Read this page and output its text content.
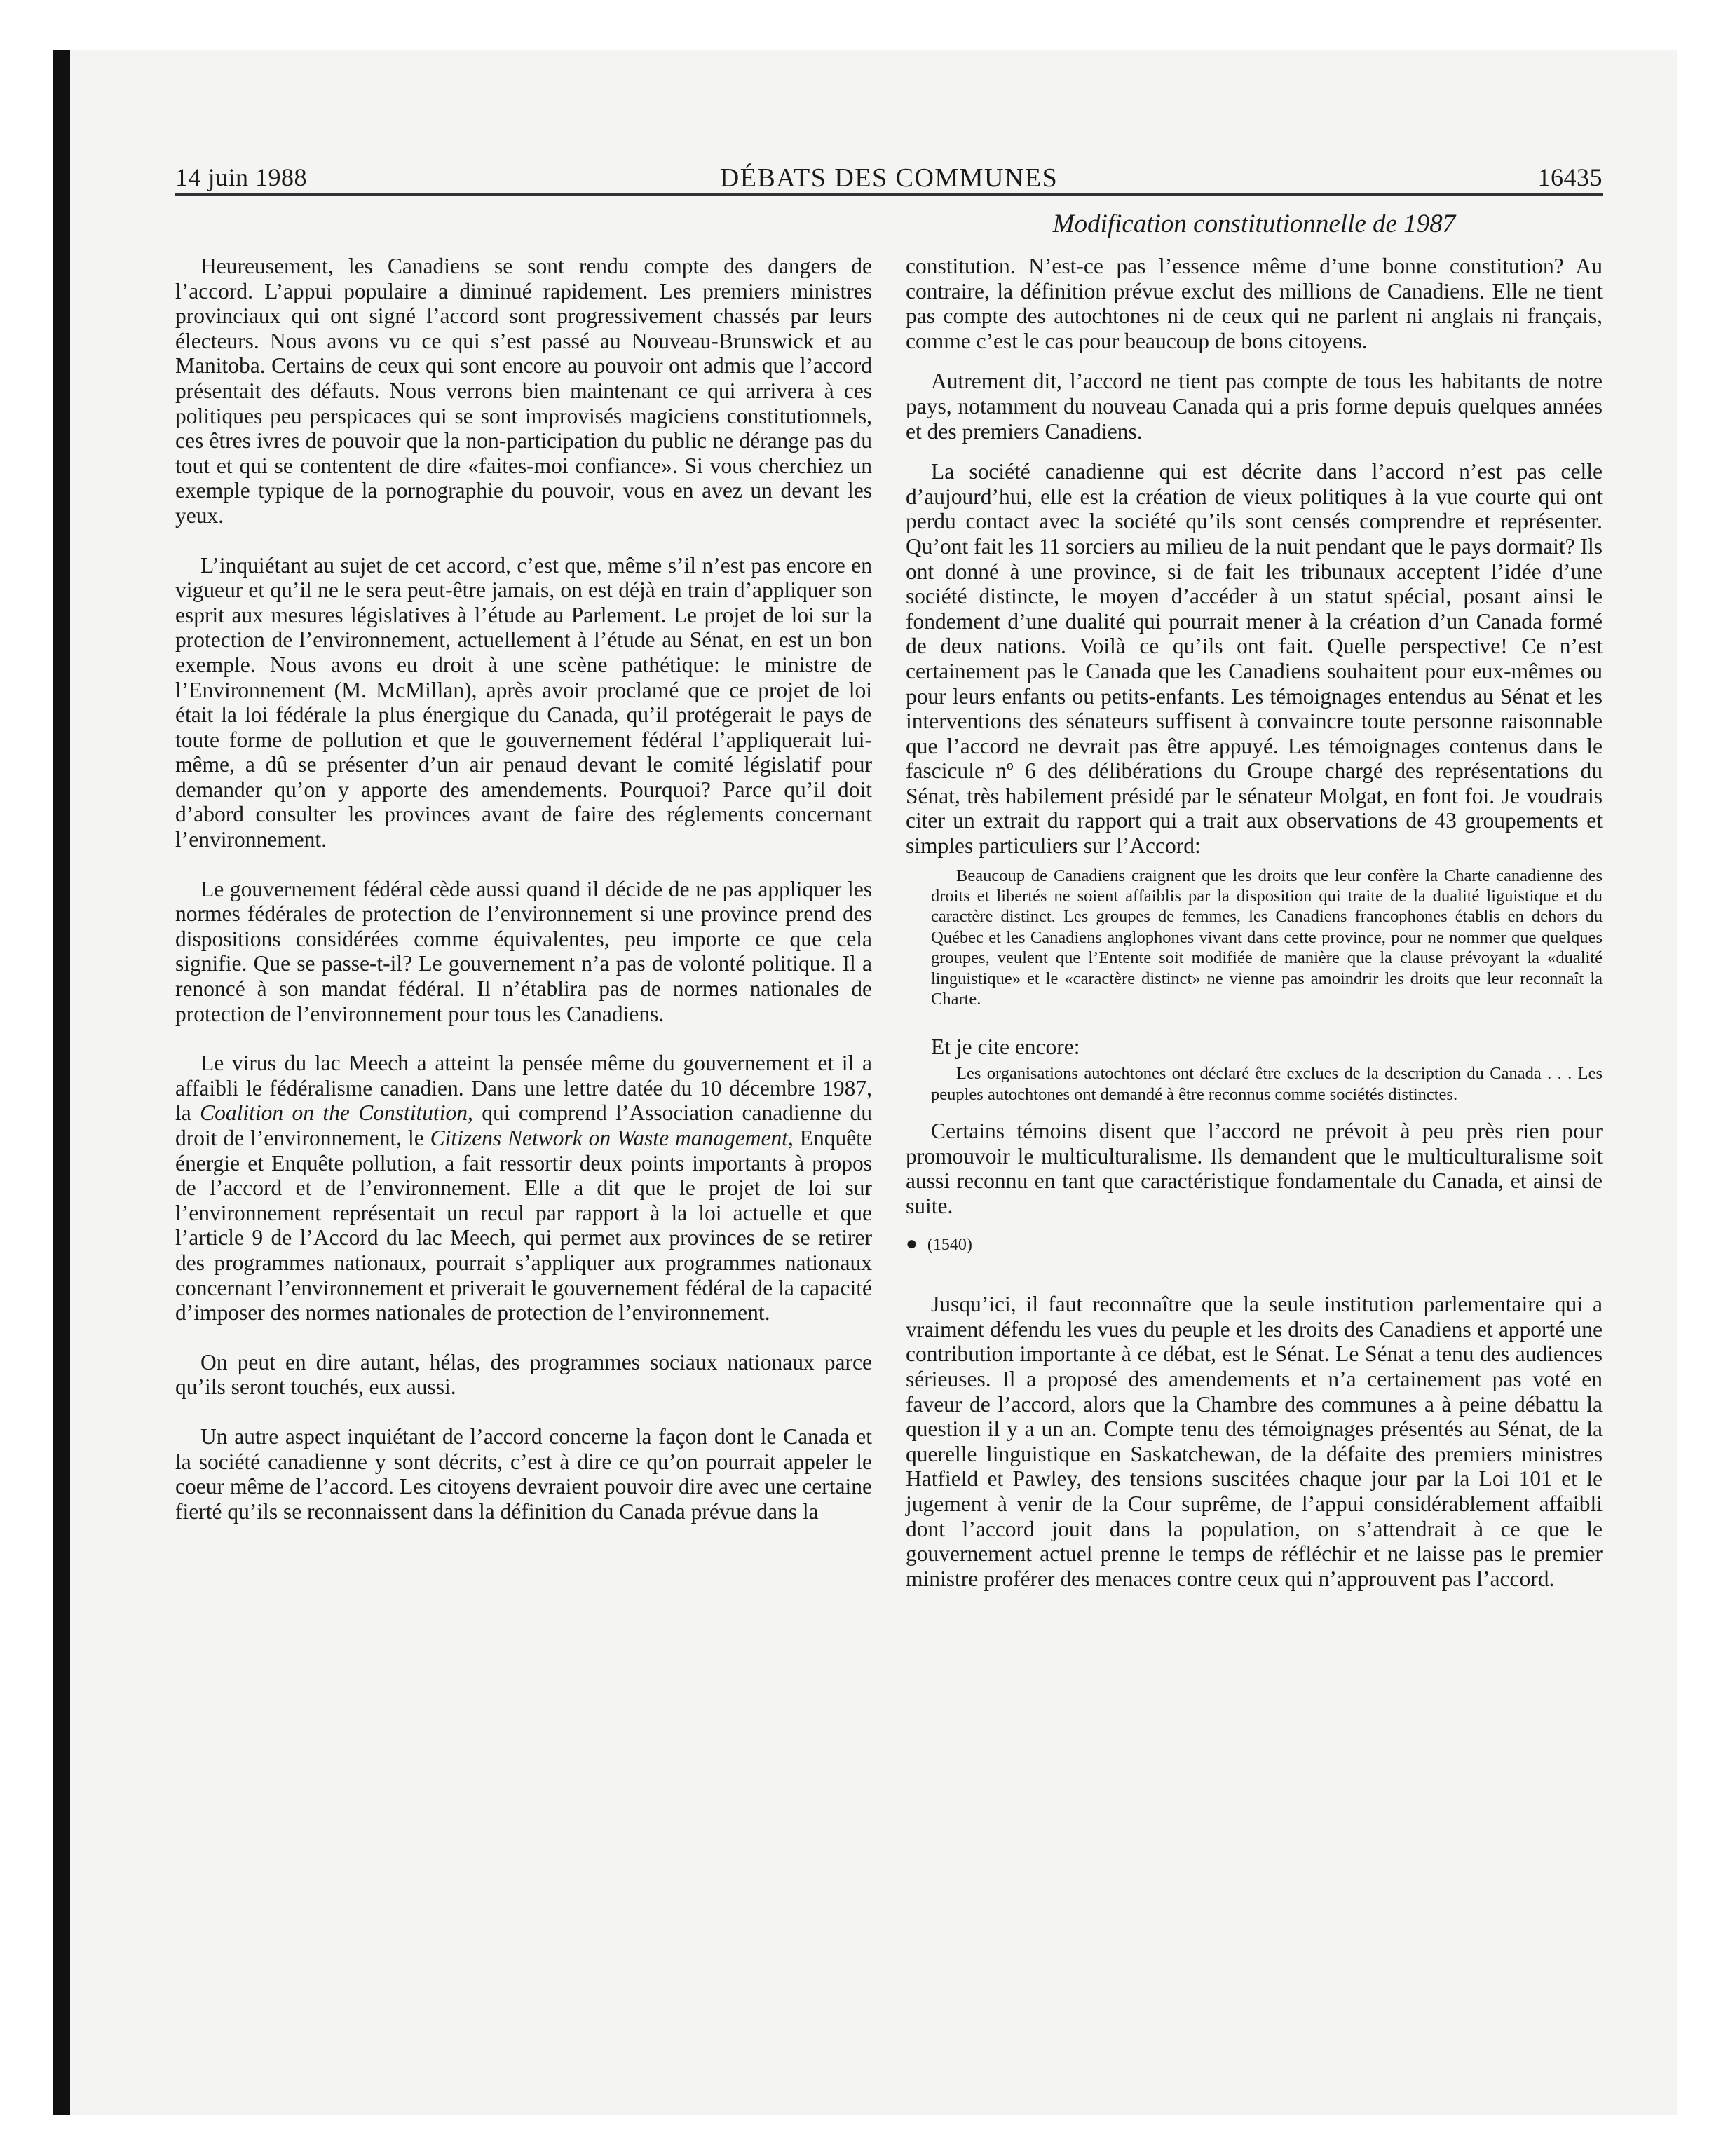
14 juin 1988	DÉBATS DES COMMUNES	16435
Modification constitutionnelle de 1987

Heureusement, les Canadiens se sont rendu compte des dangers de l’accord. L’appui populaire a diminué rapidement. Les premiers ministres provinciaux qui ont signé l’accord sont progressivement chassés par leurs électeurs. Nous avons vu ce qui s’est passé au Nouveau-Brunswick et au Manitoba. Certains de ceux qui sont encore au pouvoir ont admis que l’accord présentait des défauts. Nous verrons bien maintenant ce qui arrivera à ces politiques peu perspicaces qui se sont improvisés magiciens constitutionnels, ces êtres ivres de pouvoir que la non-participation du public ne dérange pas du tout et qui se contentent de dire «faites-moi confiance». Si vous cherchiez un exemple typique de la pornographie du pouvoir, vous en avez un devant les yeux.

L’inquiétant au sujet de cet accord, c’est que, même s’il n’est pas encore en vigueur et qu’il ne le sera peut-être jamais, on est déjà en train d’appliquer son esprit aux mesures législatives à l’étude au Parlement. Le projet de loi sur la protection de l’environnement, actuellement à l’étude au Sénat, en est un bon exemple. Nous avons eu droit à une scène pathétique: le ministre de l’Environnement (M. McMillan), après avoir proclamé que ce projet de loi était la loi fédérale la plus énergique du Canada, qu’il protégerait le pays de toute forme de pollution et que le gouvernement fédéral l’appliquerait lui-même, a dû se présenter d’un air penaud devant le comité législatif pour demander qu’on y apporte des amendements. Pourquoi? Parce qu’il doit d’abord consulter les provinces avant de faire des réglements concernant l’environnement.

Le gouvernement fédéral cède aussi quand il décide de ne pas appliquer les normes fédérales de protection de l’environnement si une province prend des dispositions considérées comme équivalentes, peu importe ce que cela signifie. Que se passe-t-il? Le gouvernement n’a pas de volonté politique. Il a renoncé à son mandat fédéral. Il n’établira pas de normes nationales de protection de l’environnement pour tous les Canadiens.

Le virus du lac Meech a atteint la pensée même du gouvernement et il a affaibli le fédéralisme canadien. Dans une lettre datée du 10 décembre 1987, la Coalition on the Constitution, qui comprend l’Association canadienne du droit de l’environnement, le Citizens Network on Waste management, Enquête énergie et Enquête pollution, a fait ressortir deux points importants à propos de l’accord et de l’environnement. Elle a dit que le projet de loi sur l’environnement représentait un recul par rapport à la loi actuelle et que l’article 9 de l’Accord du lac Meech, qui permet aux provinces de se retirer des programmes nationaux, pourrait s’appliquer aux programmes nationaux concernant l’environnement et priverait le gouvernement fédéral de la capacité d’imposer des normes nationales de protection de l’environnement.

On peut en dire autant, hélas, des programmes sociaux nationaux parce qu’ils seront touchés, eux aussi.

Un autre aspect inquiétant de l’accord concerne la façon dont le Canada et la société canadienne y sont décrits, c’est à dire ce qu’on pourrait appeler le coeur même de l’accord. Les citoyens devraient pouvoir dire avec une certaine fierté qu’ils se reconnaissent dans la définition du Canada prévue dans la

constitution. N’est-ce pas l’essence même d’une bonne constitution? Au contraire, la définition prévue exclut des millions de Canadiens. Elle ne tient pas compte des autochtones ni de ceux qui ne parlent ni anglais ni français, comme c’est le cas pour beaucoup de bons citoyens.

Autrement dit, l’accord ne tient pas compte de tous les habitants de notre pays, notamment du nouveau Canada qui a pris forme depuis quelques années et des premiers Canadiens.

La société canadienne qui est décrite dans l’accord n’est pas celle d’aujourd’hui, elle est la création de vieux politiques à la vue courte qui ont perdu contact avec la société qu’ils sont censés comprendre et représenter. Qu’ont fait les 11 sorciers au milieu de la nuit pendant que le pays dormait? Ils ont donné à une province, si de fait les tribunaux acceptent l’idée d’une société distincte, le moyen d’accéder à un statut spécial, posant ainsi le fondement d’une dualité qui pourrait mener à la création d’un Canada formé de deux nations. Voilà ce qu’ils ont fait. Quelle perspective! Ce n’est certainement pas le Canada que les Canadiens souhaitent pour eux-mêmes ou pour leurs enfants ou petits-enfants. Les témoignages entendus au Sénat et les interventions des sénateurs suffisent à convaincre toute personne raisonnable que l’accord ne devrait pas être appuyé. Les témoignages contenus dans le fascicule nº 6 des délibérations du Groupe chargé des représentations du Sénat, très habilement présidé par le sénateur Molgat, en font foi. Je voudrais citer un extrait du rapport qui a trait aux observations de 43 groupements et simples particuliers sur l’Accord:

Beaucoup de Canadiens craignent que les droits que leur confère la Charte canadienne des droits et libertés ne soient affaiblis par la disposition qui traite de la dualité liguistique et du caractère distinct. Les groupes de femmes, les Canadiens francophones établis en dehors du Québec et les Canadiens anglophones vivant dans cette province, pour ne nommer que quelques groupes, veulent que l’Entente soit modifiée de manière que la clause prévoyant la «dualité linguistique» et le «caractère distinct» ne vienne pas amoindrir les droits que leur reconnaît la Charte.

Et je cite encore:

Les organisations autochtones ont déclaré être exclues de la description du Canada . . . Les peuples autochtones ont demandé à être reconnus comme sociétés distinctes.

Certains témoins disent que l’accord ne prévoit à peu près rien pour promouvoir le multiculturalisme. Ils demandent que le multiculturalisme soit aussi reconnu en tant que caractéristique fondamentale du Canada, et ainsi de suite.

● (1540)

Jusqu’ici, il faut reconnaître que la seule institution parlementaire qui a vraiment défendu les vues du peuple et les droits des Canadiens et apporté une contribution importante à ce débat, est le Sénat. Le Sénat a tenu des audiences sérieuses. Il a proposé des amendements et n’a certainement pas voté en faveur de l’accord, alors que la Chambre des communes a à peine débattu la question il y a un an. Compte tenu des témoignages présentés au Sénat, de la querelle linguistique en Saskatchewan, de la défaite des premiers ministres Hatfield et Pawley, des tensions suscitées chaque jour par la Loi 101 et le jugement à venir de la Cour suprême, de l’appui considérablement affaibli dont l’accord jouit dans la population, on s’attendrait à ce que le gouvernement actuel prenne le temps de réfléchir et ne laisse pas le premier ministre proférer des menaces contre ceux qui n’approuvent pas l’accord.
